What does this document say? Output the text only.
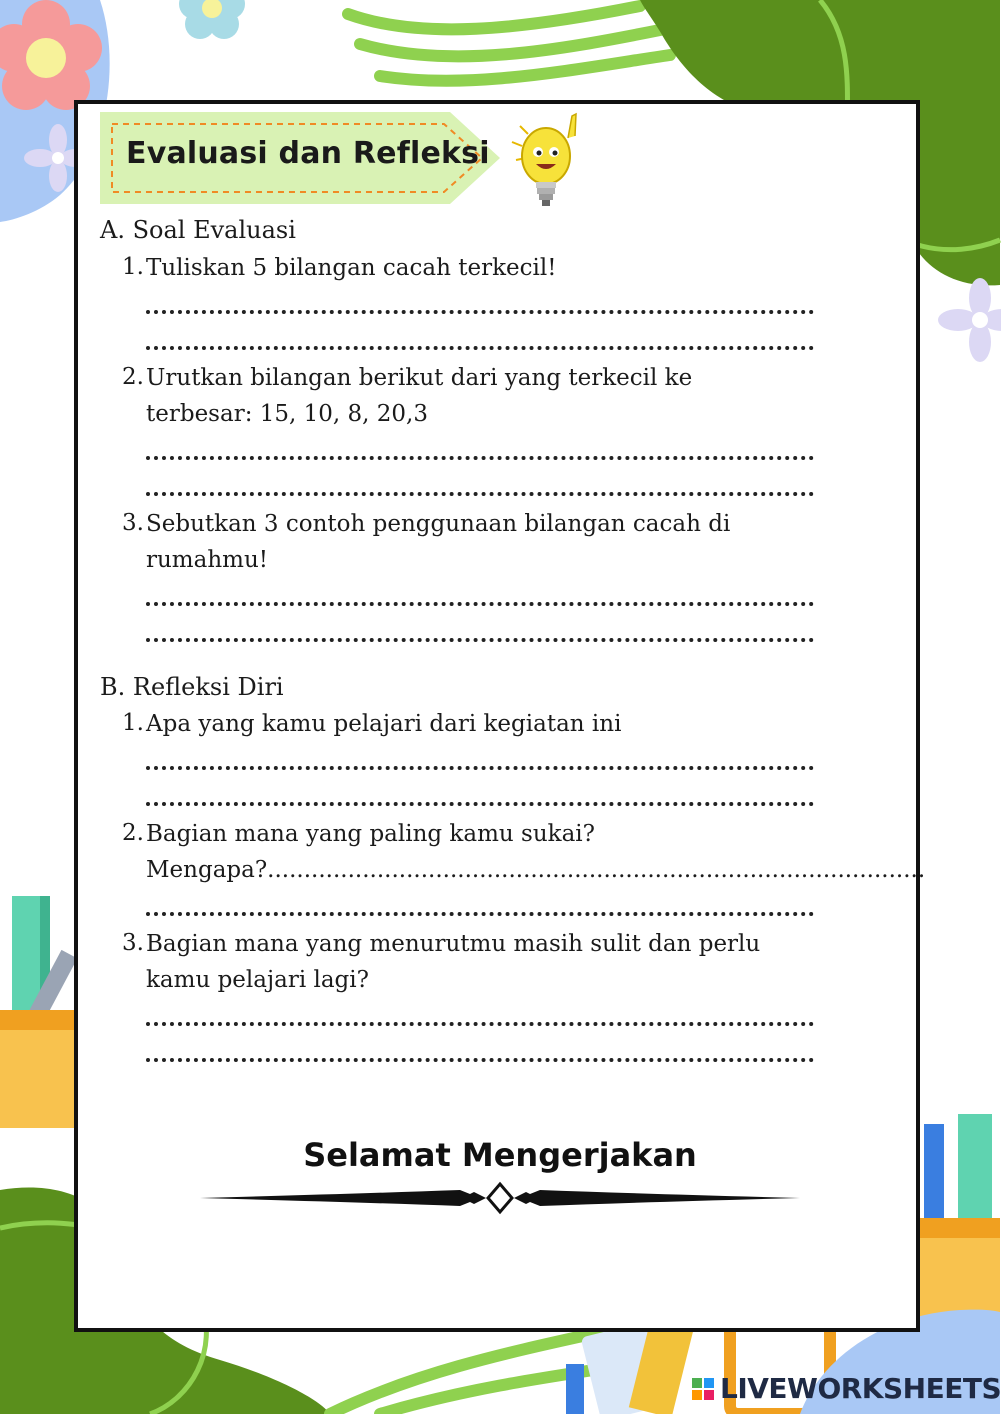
Evaluasi dan Refleksi
A. Soal Evaluasi
1. Tuliskan 5 bilangan cacah terkecil!
2. Urutkan bilangan berikut dari yang terkecil ke terbesar: 15, 10, 8, 20,3
3. Sebutkan 3 contoh penggunaan bilangan cacah di rumahmu!
B. Refleksi Diri
1. Apa yang kamu pelajari dari kegiatan ini
2. Bagian mana yang paling kamu sukai?
Mengapa?..........................................................................................
3. Bagian mana yang menurutmu masih sulit dan perlu kamu pelajari lagi?
Selamat Mengerjakan
LIVEWORKSHEETS
